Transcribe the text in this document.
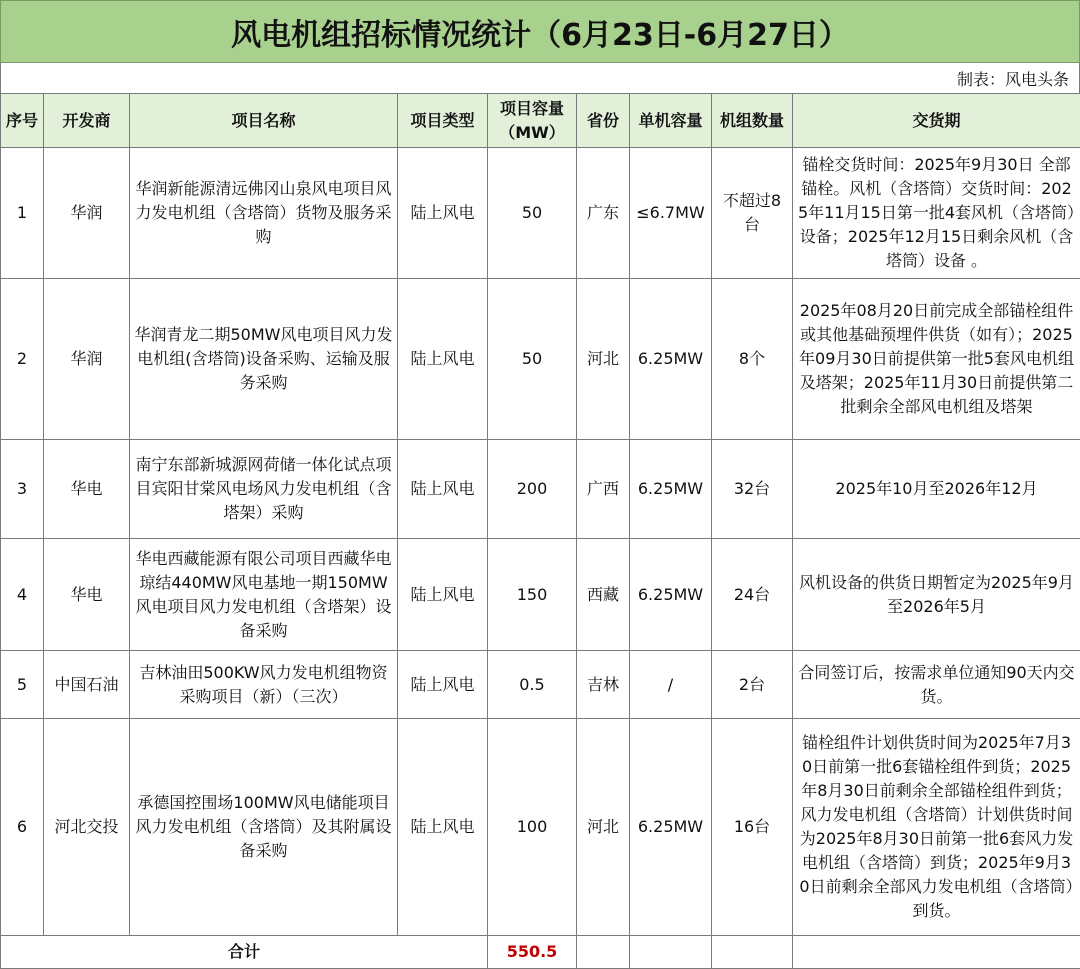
风电机组招标情况统计（6月23日-6月27日）
制表：风电头条
序号	开发商	项目名称	项目类型	项目容量
（MW）	省份	单机容量	机组数量	交货期
1	华润	华润新能源清远佛冈山泉风电项目风力发电机组（含塔筒）货物及服务采购	陆上风电	50	广东	≤6.7MW	不超过8台	锚栓交货时间：2025年9月30日 全部锚栓。风机（含塔筒）交货时间：2025年11月15日第一批4套风机（含塔筒）设备；2025年12月15日剩余风机（含塔筒）设备 。
2	华润	华润青龙二期50MW风电项目风力发电机组(含塔筒)设备采购、运输及服务采购	陆上风电	50	河北	6.25MW	8个	2025年08月20日前完成全部锚栓组件或其他基础预埋件供货（如有）；2025年09月30日前提供第一批5套风电机组及塔架；2025年11月30日前提供第二批剩余全部风电机组及塔架
3	华电	南宁东部新城源网荷储一体化试点项目宾阳甘棠风电场风力发电机组（含塔架）采购	陆上风电	200	广西	6.25MW	32台	2025年10月至2026年12月
4	华电	华电西藏能源有限公司项目西藏华电琼结440MW风电基地一期150MW风电项目风力发电机组（含塔架）设备采购	陆上风电	150	西藏	6.25MW	24台	风机设备的供货日期暂定为2025年9月至2026年5月
5	中国石油	吉林油田500KW风力发电机组物资采购项目（新）（三次）	陆上风电	0.5	吉林	/	2台	合同签订后，按需求单位通知90天内交货。
6	河北交投	承德国控围场100MW风电储能项目风力发电机组（含塔筒）及其附属设备采购	陆上风电	100	河北	6.25MW	16台	锚栓组件计划供货时间为2025年7月30日前第一批6套锚栓组件到货；2025年8月30日前剩余全部锚栓组件到货；风力发电机组（含塔筒）计划供货时间为2025年8月30日前第一批6套风力发电机组（含塔筒）到货；2025年9月30日前剩余全部风力发电机组（含塔筒）到货。
合计				550.5				
